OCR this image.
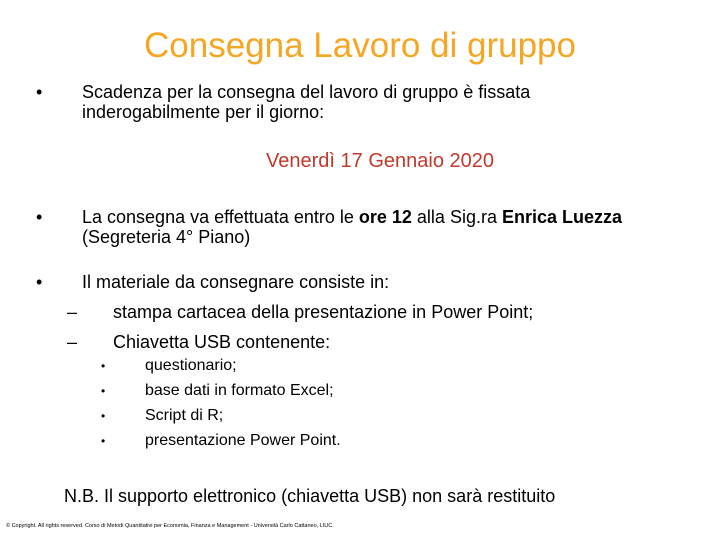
Consegna Lavoro di gruppo
• Scadenza per la consegna del lavoro di gruppo è fissata
inderogabilmente per il giorno:
Venerdì 17 Gennaio 2020
• La consegna va effettuata entro le ore 12 alla Sig.ra Enrica Luezza
(Segreteria 4° Piano)
• Il materiale da consegnare consiste in:
– stampa cartacea della presentazione in Power Point;
– Chiavetta USB contenente:
• questionario;
• base dati in formato Excel;
• Script di R;
• presentazione Power Point.
N.B. Il supporto elettronico (chiavetta USB) non sarà restituito
© Copyright. All rights reserved. Corso di Metodi Quantitativi per Economia, Finanza e Management - Università Carlo Cattaneo, LIUC.
